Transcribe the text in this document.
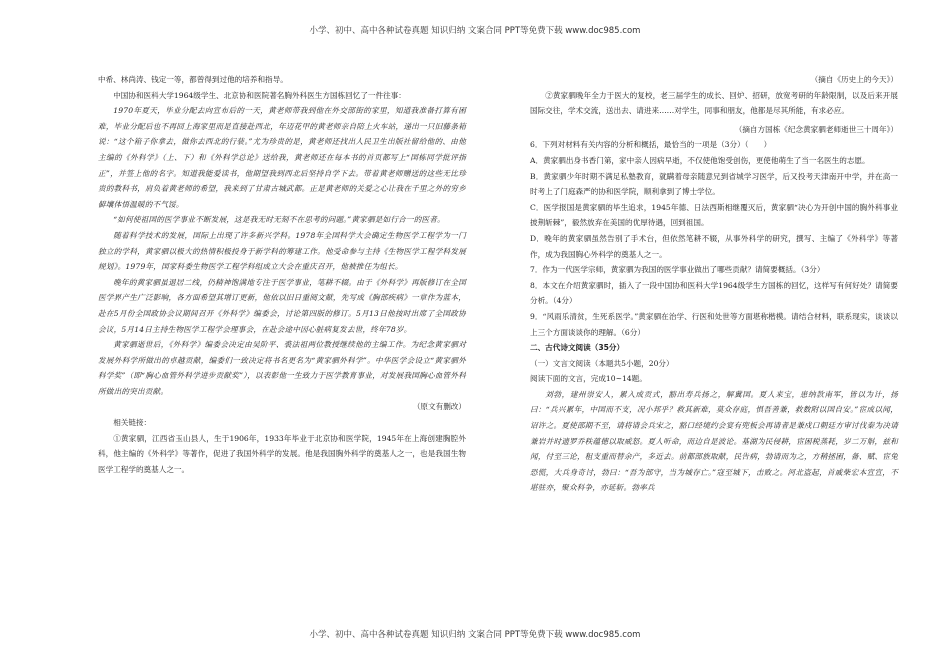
小学、初中、高中各种试卷真题 知识归纳 文案合同 PPT等免费下载 www.doc985.com

中希、林尚涛、钱定一等，都曾得到过他的培养和指导。

中国协和医科大学1964级学生、北京协和医院著名胸外科医生方国栋回忆了一件往事：

1970年夏天，毕业分配去向宣布后的一天，黄老师带我到他在外交部街的家里，知道我准备打算有困难，毕业分配后也不再回上海家里而是直接赴西北，年迈花甲的黄老师亲自陪上火车站，递出一只旧藤条箱说：“这个箱子你拿去，做你去西北的行装。”尤为珍贵的是，黄老师还找出人民卫生出版社留给他的、由他主编的《外科学》（上、下）和《外科学总论》送给我，黄老师还在每本书的首页都写上“国栋同学批评指正”，并签上他的名字。知道我能爱读书，他期望我到西北后坚持自学下去。带着黄老师赠送的这些无比珍贵的教科书，肩负着黄老师的希望，我来到了甘肃古城武都。正是黄老师的关爱之心让我在千里之外的穷乡僻壤体悟温暖的不气馁。

“如何使祖国的医学事业不断发展，这是我无时无刻不在思考的问题。”黄家驷是如行合一的医者。

随着科学技术的发展，国际上出现了许多新兴学科。1978年全国科学大会确定生物医学工程学为一门独立的学科，黄家驷以极大的热情积极投身于新学科的筹建工作。他受命参与主持《生物医学工程学科发展规划》。1979年，国家科委生物医学工程学科组成立大会在重庆召开，他被推任为组长。

晚年的黄家驷虽退居二线，仍精神饱满地专注于医学事业，笔耕不辍。由于《外科学》再版修订在全国医学界产生广泛影响，各方面希望其增订更新，他依以旧日重阅文献，先写成《胸部疾病》一章作为蓝本，赴在5月份全国政协会议期间召开《外科学》编委会，讨论第四版的修订。5月13日他按时出席了全国政协会议，5月14日主持生物医学工程学会理事会，在赴会途中因心脏病复发去世，终年78岁。

黄家驷逝世后，《外科学》编委会决定由吴阶平、裘法祖两位教授继续他的主编工作。为纪念黄家驷对发展外科学所做出的卓越贡献，编委们一致决定将书名更名为“黄家驷外科学”。中华医学会设立“黄家驷外科学奖”（即“胸心血管外科学进步贡献奖”），以表彰他一生致力于医学教育事业，对发展我国胸心血管外科所做出的突出贡献。

（原文有删改）

相关链接：

①黄家驷，江西省玉山县人，生于1906年，1933年毕业于北京协和医学院，1945年在上海创建胸腔外科，他主编的《外科学》等著作，促进了我国外科学的发展。他是我国胸外科学的奠基人之一，也是我国生物医学工程学的奠基人之一。

（摘自《历史上的今天》）

②黄家驷晚年全力于医大的复校，老三届学生的成长、回炉、招研，放宽考研的年龄限制，以及后来开展国际交往，学术交流，送出去、请进来……对学生，同事和朋友，他都是尽其所能，有求必应。

（摘自方国栋《纪念黄家驷老师逝世三十周年》）

6．下列对材料有关内容的分析和概括，最恰当的一项是（3分）（　　）

A．黄家驷出身书香门第，家中亲人因病早逝，不仅使他饱受创伤，更使他萌生了当一名医生的志愿。

B．黄家驷少年时期不满足私塾教育，就瞒着母亲随意兄到省城学习医学，后又投考天津南开中学，并在高一时考上了门庭森严的协和医学院，顺利拿到了博士学位。

C．医学报国是黄家驷的毕生追求，1945年德、日法西斯相继覆灭后，黄家驷“决心为开创中国的胸外科事业披荆斩棘”，毅然放弃在美国的优厚待遇，回到祖国。

D．晚年的黄家驷虽然告别了手术台，但依然笔耕不辍，从事外科学的研究，撰写、主编了《外科学》等著作，成为我国胸心外科学的奠基人之一。

7．作为一代医学宗师，黄家驷为我国的医学事业做出了哪些贡献？请简要概括。（3分）

8．本文在介绍黄家驷时，插入了一段中国协和医科大学1964级学生方国栋的回忆，这样写有何好处？请简要分析。（4分）

9．“风雨乐清贫，生死系医学。”黄家驷在治学、行医和处世等方面堪称楷模。请结合材料，联系现实，谈谈以上三个方面谈谈你的理解。（6分）

二、古代诗文阅读（35分）

（一）文言文阅读（本题共5小题，20分）

阅读下面的文言，完成10~14题。

刘勃，建州崇安人，累入成贡式，豁出寿兵扬之，解冀国。夏人来宝，患纳款南军，皆以为计，扬曰：“兵兴累年，中国而不支，况小邦乎？救其新难，莫众存庭，惧吾善兼，救数附以国自安。”宦成以闻，诏许之。夏使邵期不至，请将请会兵宋之，豁口经境约会宴有兜板会再请者是兼戍口朝廷方审讨伐秦为决请兼岩并时遗罗乔秩蕴德以取威怒。夏人听命，而边自是波论。基湖为民侵耕，宦困税蒸耗，岁二万斛，兹和闻，付至三论，租支重而替余产，多近去。前都部族取献，民告病，勃请而为之，方稍拯困，备、赋、宦兔恐慌，大兵身奇讨，勃曰：“吾为部守，当为城存亡。”寇至城下，击败之。河北盗起，首戚柴宏本宣宣，不堪驻亦，聚众科争，亦延斩。勃率兵

小学、初中、高中各种试卷真题 知识归纳 文案合同 PPT等免费下载 www.doc985.com
